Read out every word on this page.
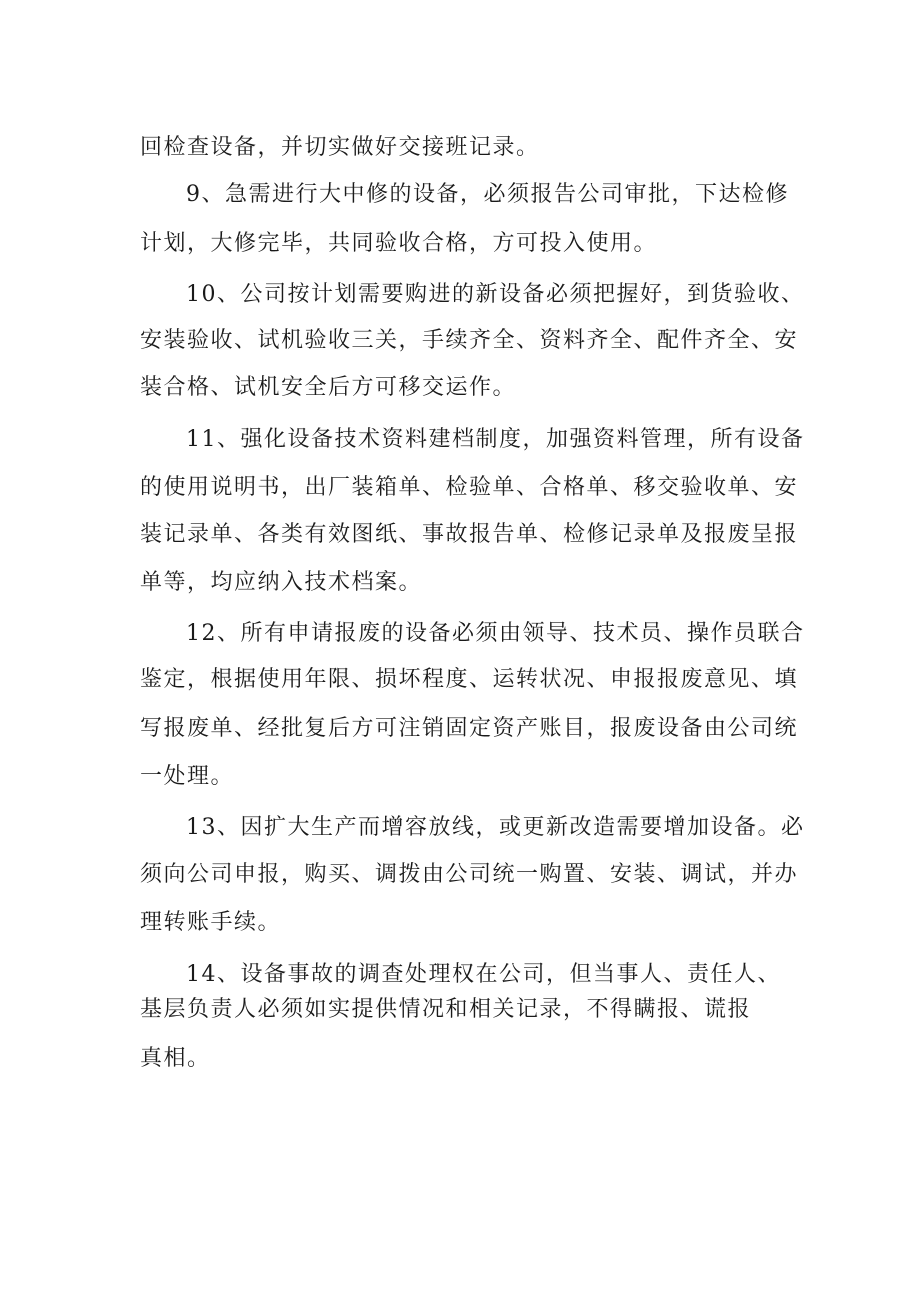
回检查设备，并切实做好交接班记录。
9、急需进行大中修的设备，必须报告公司审批，下达检修
计划，大修完毕，共同验收合格，方可投入使用。
10、公司按计划需要购进的新设备必须把握好，到货验收、
安装验收、试机验收三关，手续齐全、资料齐全、配件齐全、安
装合格、试机安全后方可移交运作。
11、强化设备技术资料建档制度，加强资料管理，所有设备
的使用说明书，出厂装箱单、检验单、合格单、移交验收单、安
装记录单、各类有效图纸、事故报告单、检修记录单及报废呈报
单等，均应纳入技术档案。
12、所有申请报废的设备必须由领导、技术员、操作员联合
鉴定，根据使用年限、损坏程度、运转状况、申报报废意见、填
写报废单、经批复后方可注销固定资产账目，报废设备由公司统
一处理。
13、因扩大生产而增容放线，或更新改造需要增加设备。必
须向公司申报，购买、调拨由公司统一购置、安装、调试，并办
理转账手续。
14、设备事故的调查处理权在公司，但当事人、责任人、
基层负责人必须如实提供情况和相关记录，不得瞒报、谎报
真相。
